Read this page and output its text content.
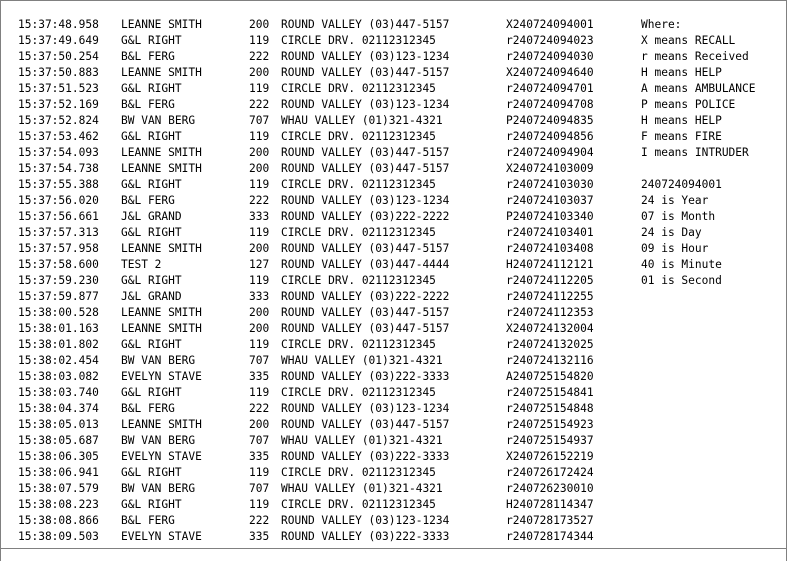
15:37:48.958 LEANNE SMITH	200 ROUND VALLEY (03)447-5157	X240724094001
15:37:49.649 G&L RIGHT	119 CIRCLE DRV. 02112312345	r240724094023
15:37:50.254 B&L FERG	222 ROUND VALLEY (03)123-1234	r240724094030
15:37:50.883 LEANNE SMITH	200 ROUND VALLEY (03)447-5157	X240724094640
15:37:51.523 G&L RIGHT	119 CIRCLE DRV. 02112312345	r240724094701
15:37:52.169 B&L FERG	222 ROUND VALLEY (03)123-1234	r240724094708
15:37:52.824 BW VAN BERG	707 WHAU VALLEY (01)321-4321	P240724094835
15:37:53.462 G&L RIGHT	119 CIRCLE DRV. 02112312345	r240724094856
15:37:54.093 LEANNE SMITH	200 ROUND VALLEY (03)447-5157	r240724094904
15:37:54.738 LEANNE SMITH	200 ROUND VALLEY (03)447-5157	X240724103009
15:37:55.388 G&L RIGHT	119 CIRCLE DRV. 02112312345	r240724103030
15:37:56.020 B&L FERG	222 ROUND VALLEY (03)123-1234	r240724103037
15:37:56.661 J&L GRAND	333 ROUND VALLEY (03)222-2222	P240724103340
15:37:57.313 G&L RIGHT	119 CIRCLE DRV. 02112312345	r240724103401
15:37:57.958 LEANNE SMITH	200 ROUND VALLEY (03)447-5157	r240724103408
15:37:58.600 TEST 2	127 ROUND VALLEY (03)447-4444	H240724112121
15:37:59.230 G&L RIGHT	119 CIRCLE DRV. 02112312345	r240724112205
15:37:59.877 J&L GRAND	333 ROUND VALLEY (03)222-2222	r240724112255
15:38:00.528 LEANNE SMITH	200 ROUND VALLEY (03)447-5157	r240724112353
15:38:01.163 LEANNE SMITH	200 ROUND VALLEY (03)447-5157	X240724132004
15:38:01.802 G&L RIGHT	119 CIRCLE DRV. 02112312345	r240724132025
15:38:02.454 BW VAN BERG	707 WHAU VALLEY (01)321-4321	r240724132116
15:38:03.082 EVELYN STAVE	335 ROUND VALLEY (03)222-3333	A240725154820
15:38:03.740 G&L RIGHT	119 CIRCLE DRV. 02112312345	r240725154841
15:38:04.374 B&L FERG	222 ROUND VALLEY (03)123-1234	r240725154848
15:38:05.013 LEANNE SMITH	200 ROUND VALLEY (03)447-5157	r240725154923
15:38:05.687 BW VAN BERG	707 WHAU VALLEY (01)321-4321	r240725154937
15:38:06.305 EVELYN STAVE	335 ROUND VALLEY (03)222-3333	X240726152219
15:38:06.941 G&L RIGHT	119 CIRCLE DRV. 02112312345	r240726172424
15:38:07.579 BW VAN BERG	707 WHAU VALLEY (01)321-4321	r240726230010
15:38:08.223 G&L RIGHT	119 CIRCLE DRV. 02112312345	H240728114347
15:38:08.866 B&L FERG	222 ROUND VALLEY (03)123-1234	r240728173527
15:38:09.503 EVELYN STAVE	335 ROUND VALLEY (03)222-3333	r240728174344
Where:
X means RECALL
r means Received
H means HELP
A means AMBULANCE
P means POLICE
H means HELP
F means FIRE
I means INTRUDER
240724094001
24 is Year
07 is Month
24 is Day
09 is Hour
40 is Minute
01 is Second
